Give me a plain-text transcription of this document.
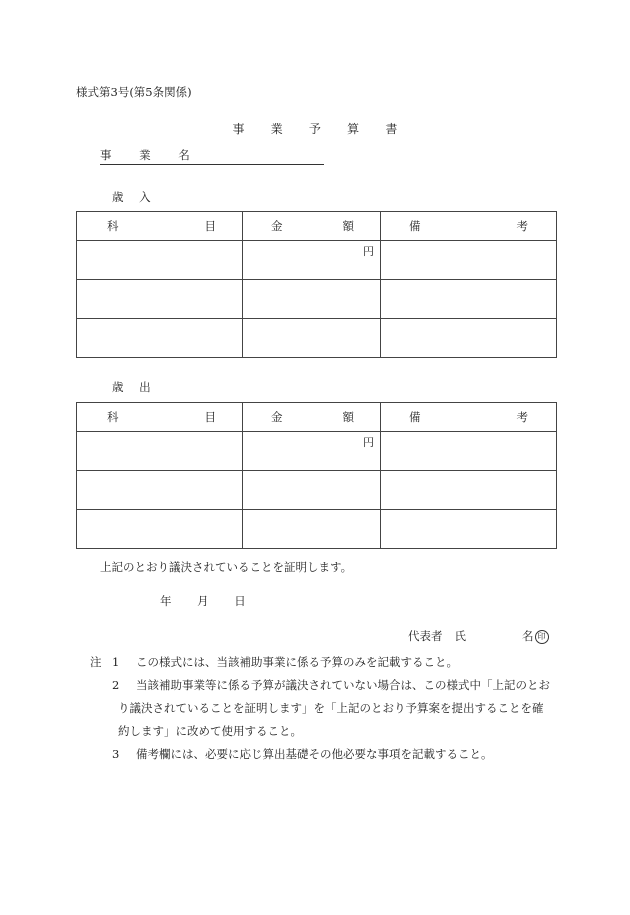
様式第3号(第5条関係)
事 業 予 算 書
事 業 名
歳 入
科 目	金 額	備 考

	円	

歳 出
科 目	金 額	備 考

	円	

上記のとおり議決されていることを証明します。
年 月 日
代表者 氏	名 印
注 1 この様式には、当該補助事業に係る予算のみを記載すること。
2 当該補助事業等に係る予算が議決されていない場合は、この様式中「上記のとお
り議決されていることを証明します」を「上記のとおり予算案を提出することを確
約します」に改めて使用すること。
3 備考欄には、必要に応じ算出基礎その他必要な事項を記載すること。
